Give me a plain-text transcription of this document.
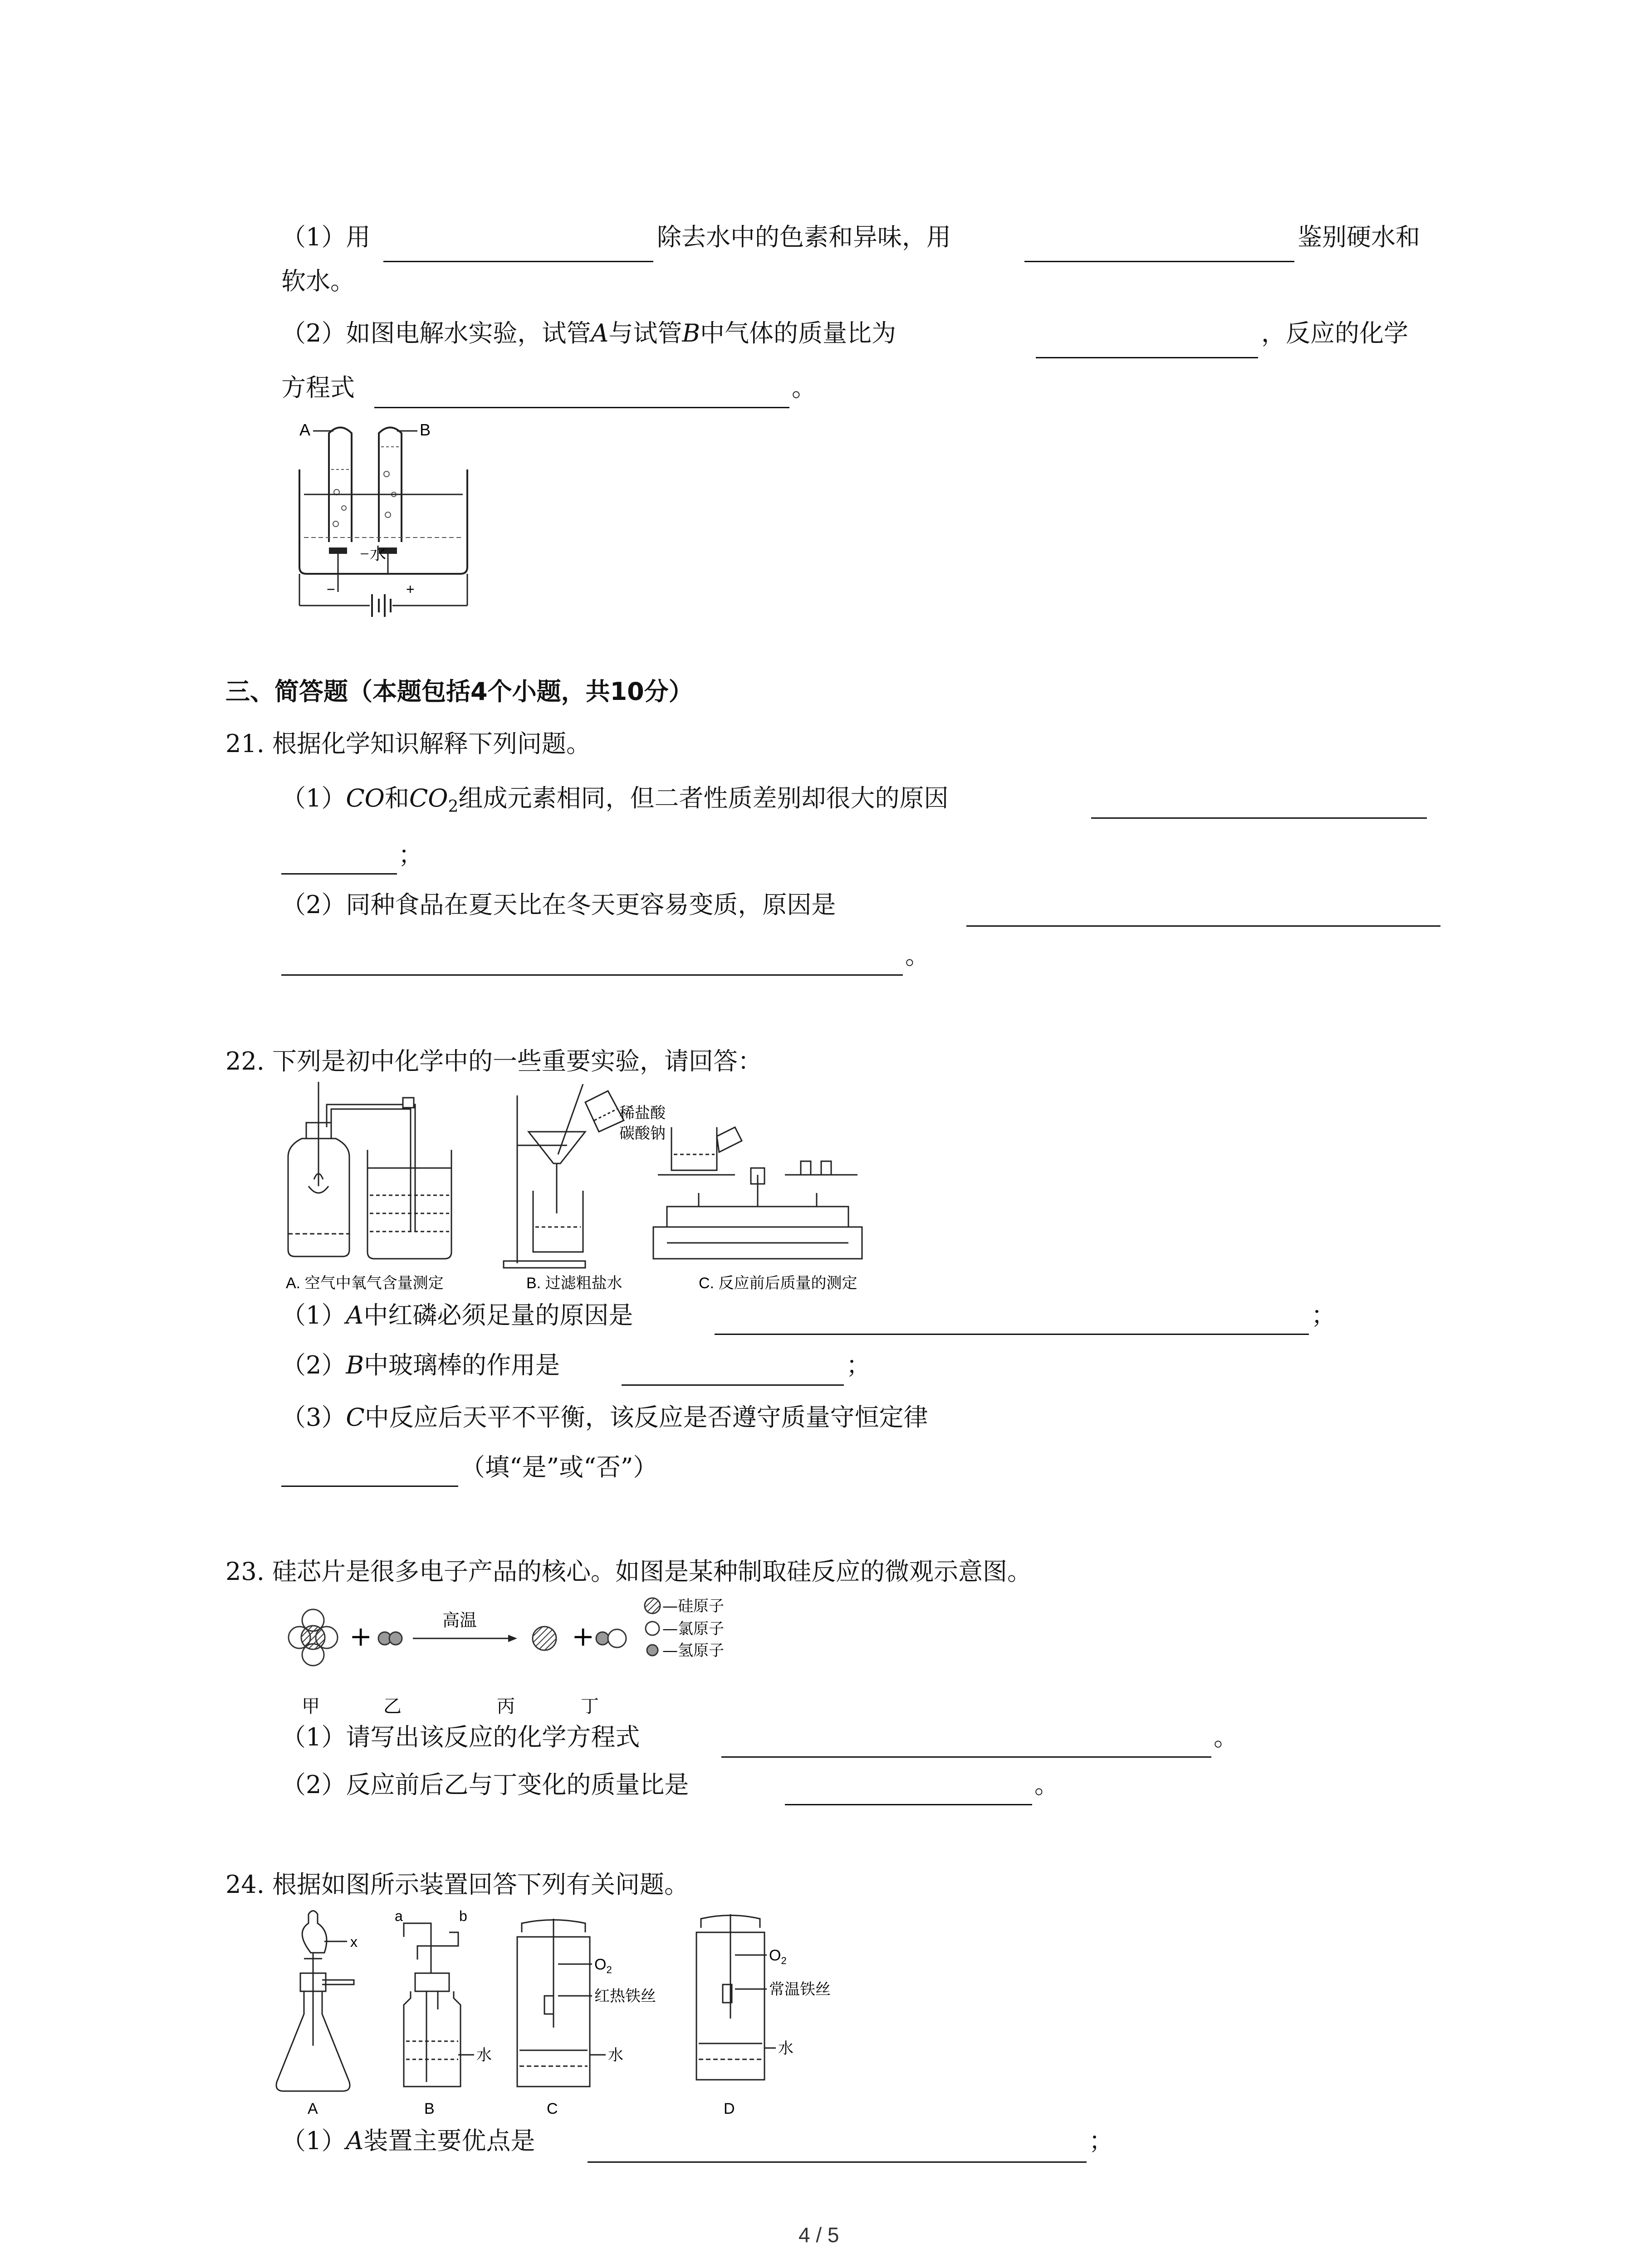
（1）用	除去水中的色素和异味，用	鉴别硬水和
软水。
（2）如图电解水实验，试管A与试管B中气体的质量比为	，反应的化学
方程式	。
A	B
水
−	+
三、简答题（本题包括4个小题，共10分）
21. 根据化学知识解释下列问题。
（1）CO和$CO_2$组成元素相同，但二者性质差别却很大的原因
；
（2）同种食品在夏天比在冬天更容易变质，原因是
。
22. 下列是初中化学中的一些重要实验，请回答：
A. 空气中氧气含量测定	B. 过滤粗盐水
稀盐酸
碳酸钠
C. 反应前后质量的测定
（1）A中红磷必须足量的原因是	；
（2）B中玻璃棒的作用是	；
（3）C中反应后天平不平衡，该反应是否遵守质量守恒定律
（填“是”或“否”）
23. 硅芯片是很多电子产品的核心。如图是某种制取硅反应的微观示意图。
+
高温
+
—硅原子
—氯原子
—氢原子
甲	乙	丙	丁
（1）请写出该反应的化学方程式	。
（2）反应前后乙与丁变化的质量比是	。
24. 根据如图所示装置回答下列有关问题。
x
A
a	b
水
B
$O_2$
红热铁丝
水
C
$O_2$
常温铁丝
水
D
（1）A装置主要优点是	；
4 / 5
